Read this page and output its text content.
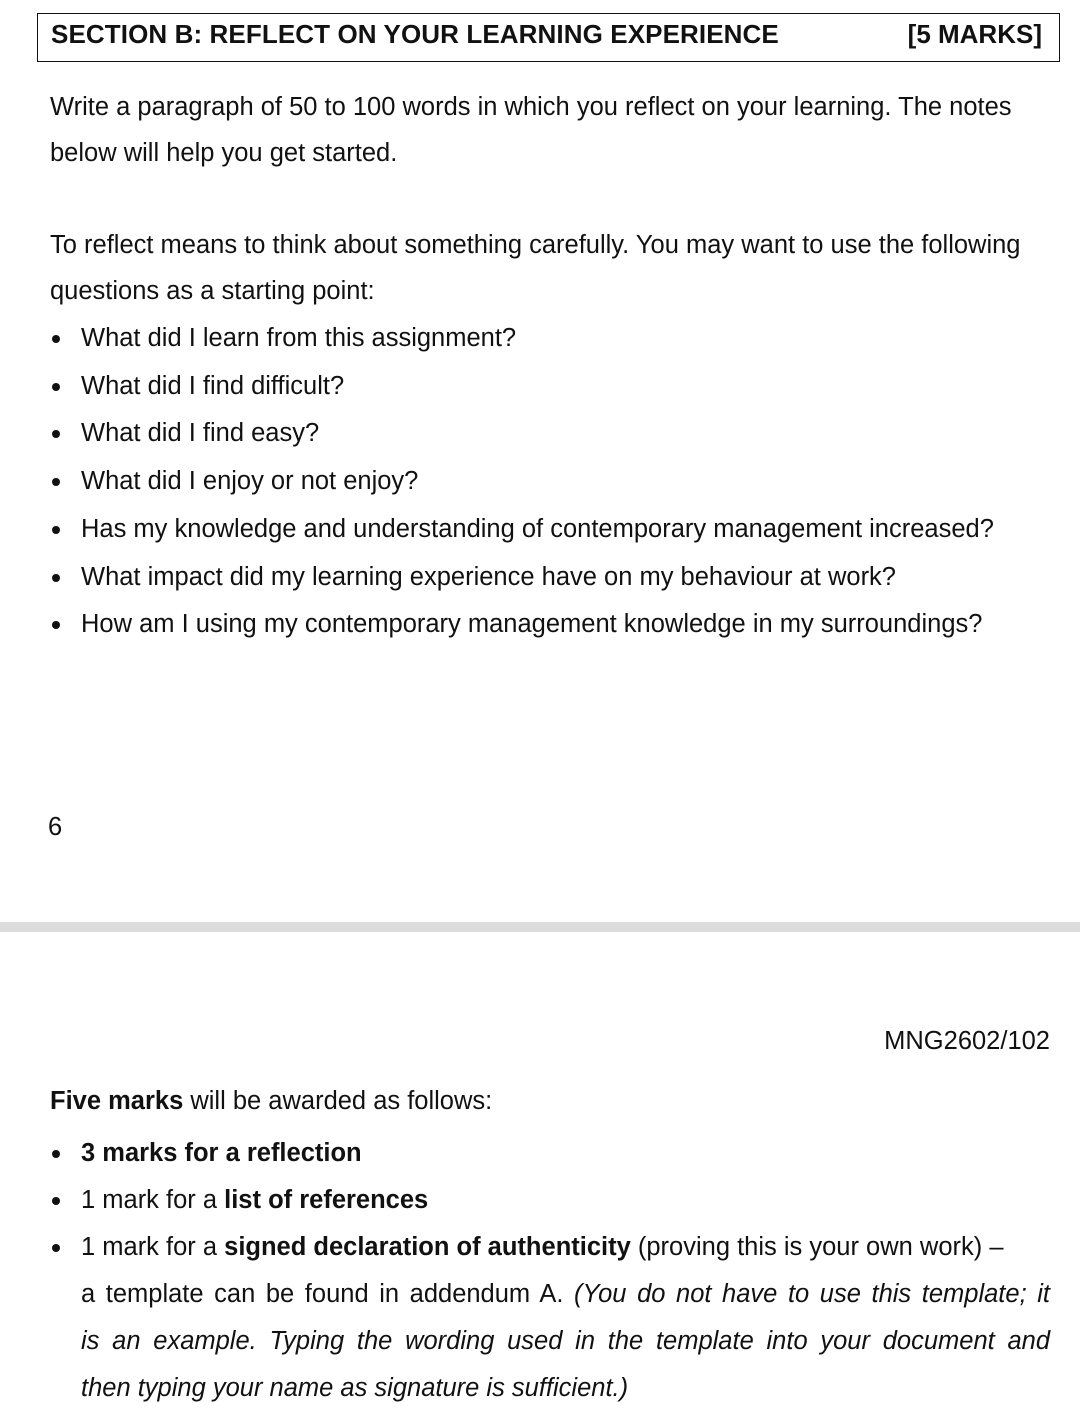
SECTION B: REFLECT ON YOUR LEARNING EXPERIENCE	[5 MARKS]

Write a paragraph of 50 to 100 words in which you reflect on your learning. The notes below will help you get started.

To reflect means to think about something carefully. You may want to use the following questions as a starting point:

What did I learn from this assignment?
What did I find difficult?
What did I find easy?
What did I enjoy or not enjoy?
Has my knowledge and understanding of contemporary management increased?
What impact did my learning experience have on my behaviour at work?
How am I using my contemporary management knowledge in my surroundings?
6
MNG2602/102
Five marks will be awarded as follows:
3 marks for a reflection
1 mark for a list of references
1 mark for a signed declaration of authenticity (proving this is your own work) –
a template can be found in addendum A. (You do not have to use this template; it
is an example. Typing the wording used in the template into your document and
then typing your name as signature is sufficient.)
